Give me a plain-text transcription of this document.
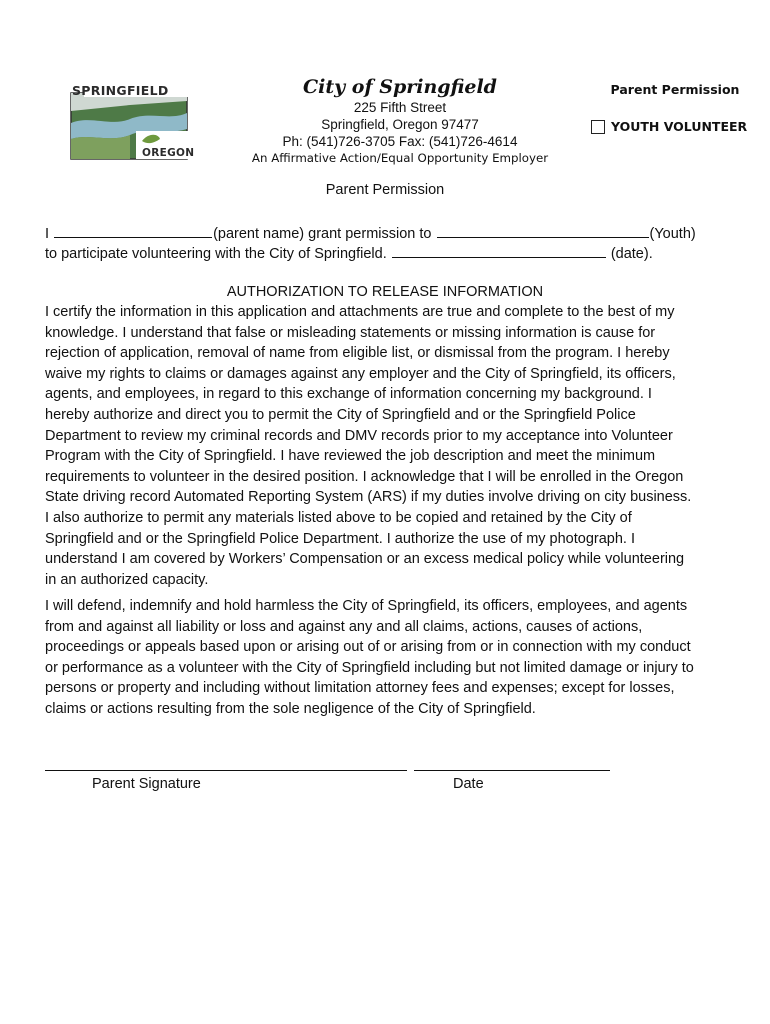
SPRINGFIELD
OREGON
City of Springfield
225 Fifth Street
Springfield, Oregon 97477
Ph: (541)726-3705 Fax: (541)726-4614
An Affirmative Action/Equal Opportunity Employer
Parent Permission
YOUTH VOLUNTEER
Parent Permission
I	(parent name) grant permission to	(Youth)
to participate volunteering with the City of Springfield.	(date).
AUTHORIZATION TO RELEASE INFORMATION

I certify the information in this application and attachments are true and complete to the best of my
knowledge. I understand that false or misleading statements or missing information is cause for
rejection of application, removal of name from eligible list, or dismissal from the program. I hereby
waive my rights to claims or damages against any employer and the City of Springfield, its officers,
agents, and employees, in regard to this exchange of information concerning my background. I
hereby authorize and direct you to permit the City of Springfield and or the Springfield Police
Department to review my criminal records and DMV records prior to my acceptance into Volunteer
Program with the City of Springfield. I have reviewed the job description and meet the minimum
requirements to volunteer in the desired position. I acknowledge that I will be enrolled in the Oregon
State driving record Automated Reporting System (ARS) if my duties involve driving on city business.
I also authorize to permit any materials listed above to be copied and retained by the City of
Springfield and or the Springfield Police Department. I authorize the use of my photograph. I
understand I am covered by Workers’ Compensation or an excess medical policy while volunteering
in an authorized capacity.

I will defend, indemnify and hold harmless the City of Springfield, its officers, employees, and agents
from and against all liability or loss and against any and all claims, actions, causes of actions,
proceedings or appeals based upon or arising out of or arising from or in connection with my conduct
or performance as a volunteer with the City of Springfield including but not limited damage or injury to
persons or property and including without limitation attorney fees and expenses; except for losses,
claims or actions resulting from the sole negligence of the City of Springfield.

Parent Signature	Date
